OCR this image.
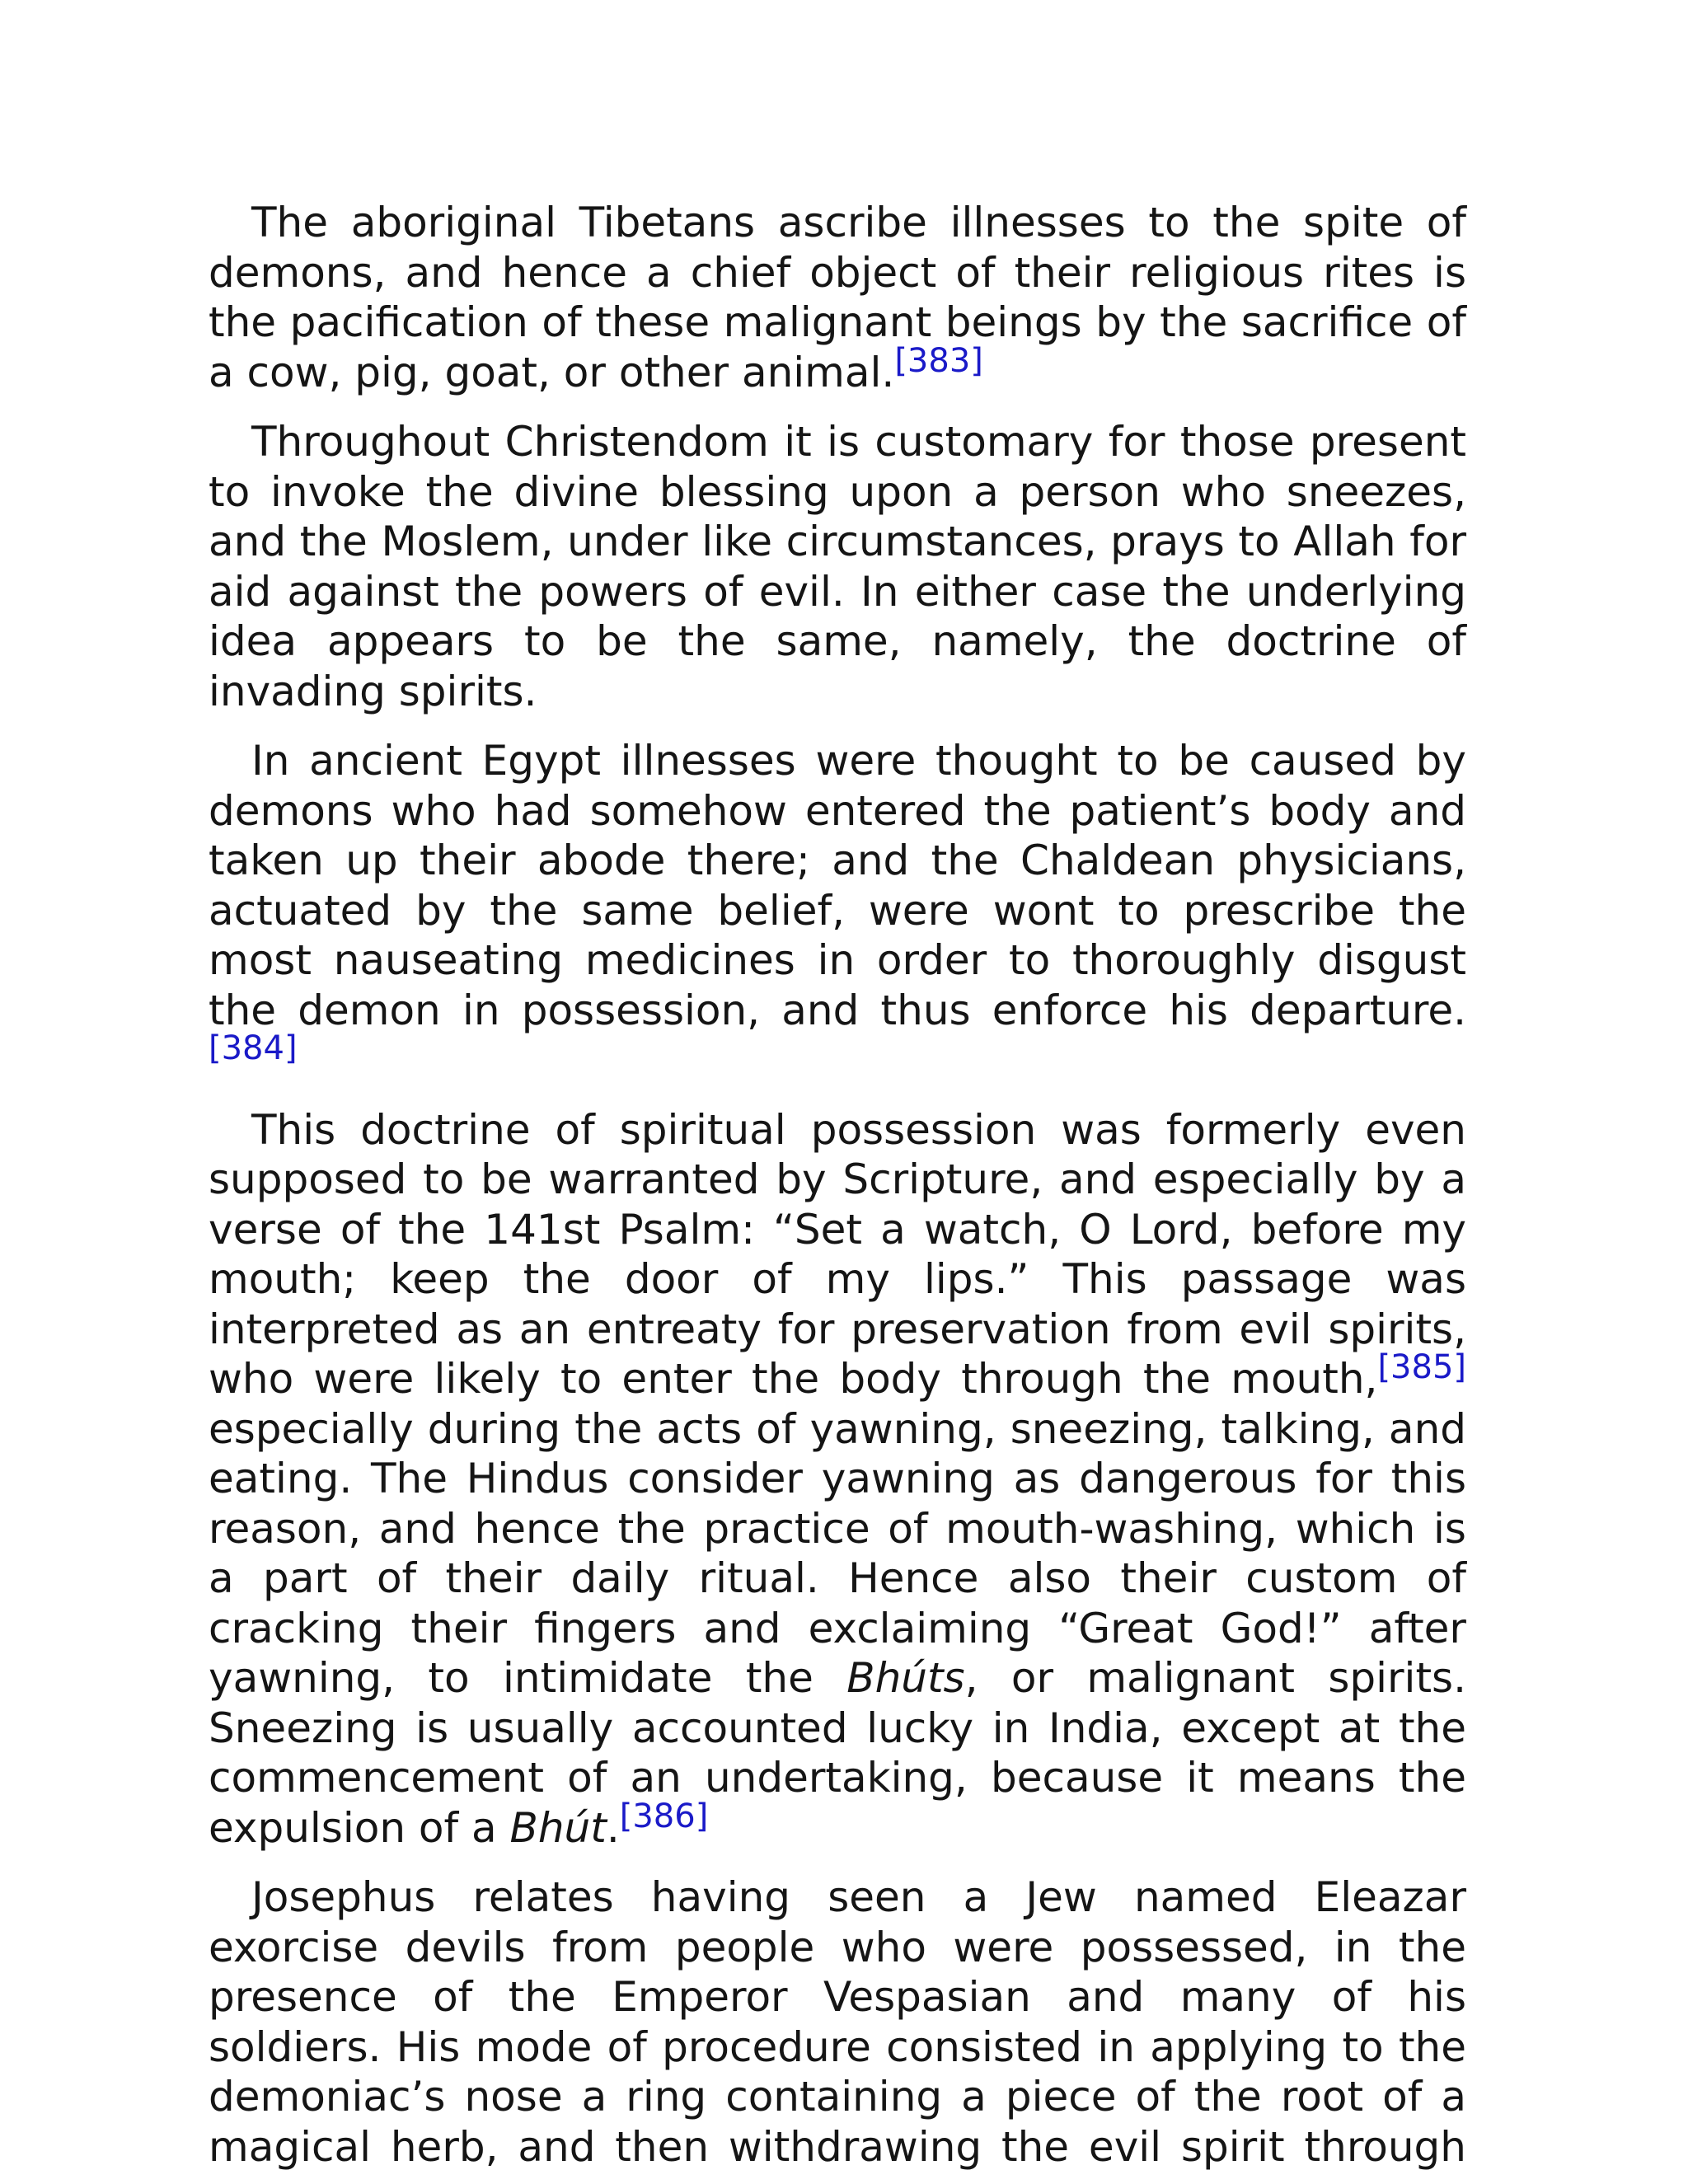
The aboriginal Tibetans ascribe illnesses to the spite of demons, and hence a chief object of their religious rites is the pacification of these malignant beings by the sacrifice of a cow, pig, goat, or other animal.[383]

Throughout Christendom it is customary for those present to invoke the divine blessing upon a person who sneezes, and the Moslem, under like circumstances, prays to Allah for aid against the powers of evil. In either case the underlying idea appears to be the same, namely, the doctrine of invading spirits.

In ancient Egypt illnesses were thought to be caused by demons who had somehow entered the patient’s body and taken up their abode there; and the Chaldean physicians, actuated by the same belief, were wont to prescribe the most nauseating medicines in order to thoroughly disgust the demon in possession, and thus enforce his departure.[384]

This doctrine of spiritual possession was formerly even supposed to be warranted by Scripture, and especially by a verse of the 141st Psalm: “Set a watch, O Lord, before my mouth; keep the door of my lips.” This passage was interpreted as an entreaty for preservation from evil spirits, who were likely to enter the body through the mouth,[385] especially during the acts of yawning, sneezing, talking, and eating. The Hindus consider yawning as dangerous for this reason, and hence the practice of mouth-washing, which is a part of their daily ritual. Hence also their custom of cracking their fingers and exclaiming “Great God!” after yawning, to intimidate the Bhúts, or malignant spirits. Sneezing is usually accounted lucky in India, except at the commencement of an undertaking, because it means the expulsion of a Bhút.[386]

Josephus relates having seen a Jew named Eleazar exorcise devils from people who were possessed, in the presence of the Emperor Vespasian and many of his soldiers. His mode of procedure consisted in applying to the demoniac’s nose a ring containing a piece of the root of a magical herb, and then withdrawing the evil spirit through
